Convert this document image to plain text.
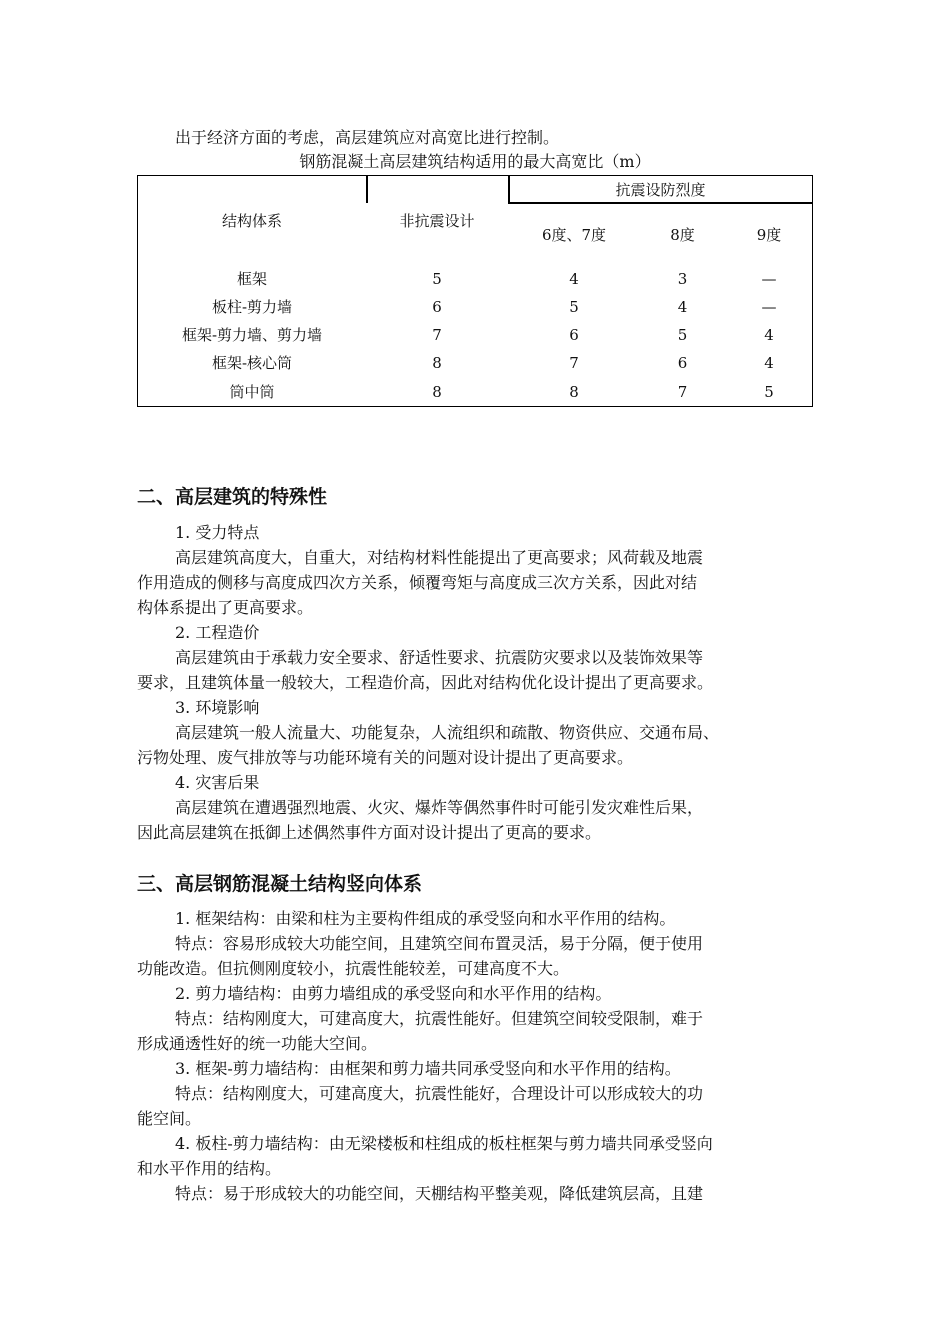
出于经济方面的考虑，高层建筑应对高宽比进行控制。
钢筋混凝土高层建筑结构适用的最大高宽比（m）
结构体系	非抗震设计
抗震设防烈度
6度、7度	8度	9度
框架	5	4	3	—
板柱-剪力墙	6	5	4	—
框架-剪力墙、剪力墙	7	6	5	4
框架-核心筒	8	7	6	4
筒中筒	8	8	7	5
二、高层建筑的特殊性
1. 受力特点
高层建筑高度大，自重大，对结构材料性能提出了更高要求；风荷载及地震
作用造成的侧移与高度成四次方关系，倾覆弯矩与高度成三次方关系，因此对结
构体系提出了更高要求。
2. 工程造价
高层建筑由于承载力安全要求、舒适性要求、抗震防灾要求以及装饰效果等
要求，且建筑体量一般较大，工程造价高，因此对结构优化设计提出了更高要求。
3. 环境影响
高层建筑一般人流量大、功能复杂，人流组织和疏散、物资供应、交通布局、
污物处理、废气排放等与功能环境有关的问题对设计提出了更高要求。
4. 灾害后果
高层建筑在遭遇强烈地震、火灾、爆炸等偶然事件时可能引发灾难性后果，
因此高层建筑在抵御上述偶然事件方面对设计提出了更高的要求。
三、高层钢筋混凝土结构竖向体系
1. 框架结构：由梁和柱为主要构件组成的承受竖向和水平作用的结构。
特点：容易形成较大功能空间，且建筑空间布置灵活，易于分隔，便于使用
功能改造。但抗侧刚度较小，抗震性能较差，可建高度不大。
2. 剪力墙结构：由剪力墙组成的承受竖向和水平作用的结构。
特点：结构刚度大，可建高度大，抗震性能好。但建筑空间较受限制，难于
形成通透性好的统一功能大空间。
3. 框架-剪力墙结构：由框架和剪力墙共同承受竖向和水平作用的结构。
特点：结构刚度大，可建高度大，抗震性能好，合理设计可以形成较大的功
能空间。
4. 板柱-剪力墙结构：由无梁楼板和柱组成的板柱框架与剪力墙共同承受竖向
和水平作用的结构。
特点：易于形成较大的功能空间，天棚结构平整美观，降低建筑层高，且建
